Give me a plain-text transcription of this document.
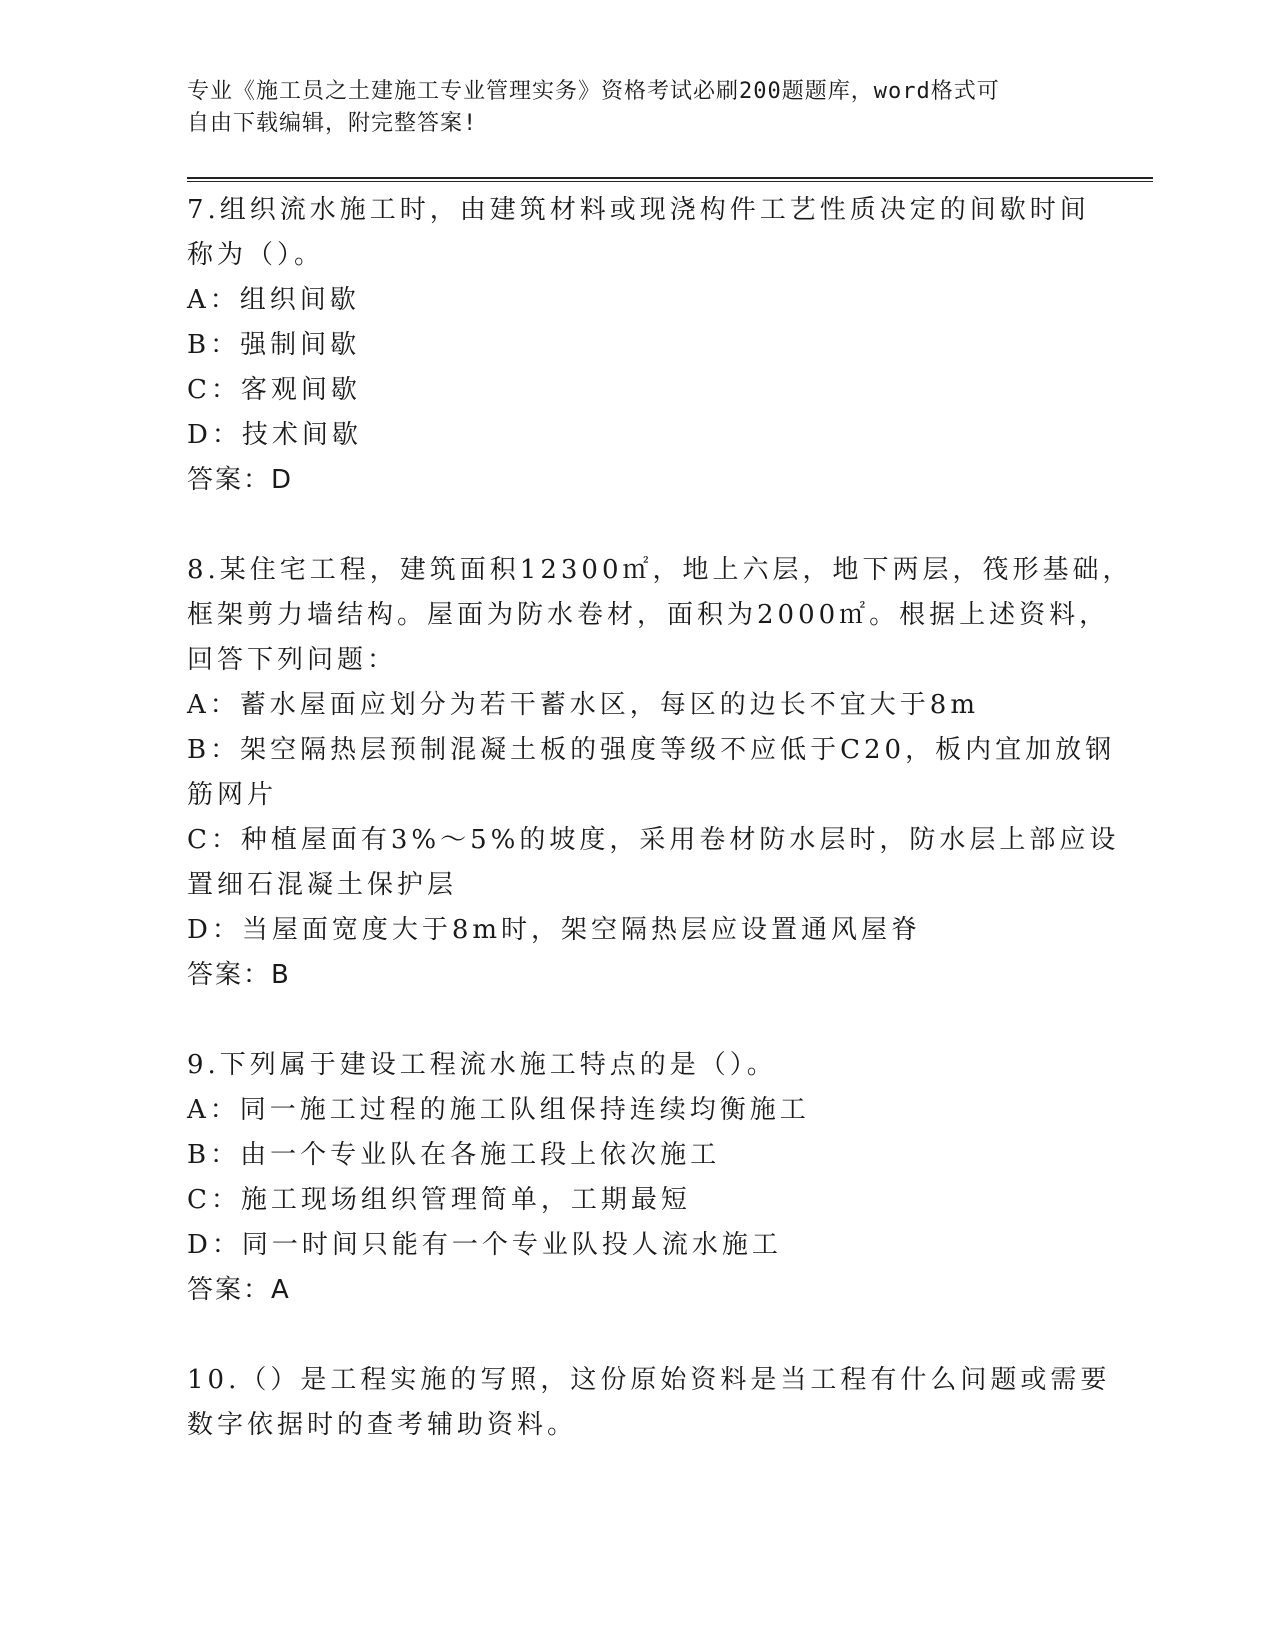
专业《施工员之土建施工专业管理实务》资格考试必刷200题题库，word格式可
自由下载编辑，附完整答案!
7.组织流水施工时，由建筑材料或现浇构件工艺性质决定的间歇时间
称为（）。
A：组织间歇
B：强制间歇
C：客观间歇
D：技术间歇
答案：D
8.某住宅工程，建筑面积12300㎡，地上六层，地下两层，筏形基础，
框架剪力墙结构。屋面为防水卷材，面积为2000㎡。根据上述资料，
回答下列问题：
A：蓄水屋面应划分为若干蓄水区，每区的边长不宜大于8m
B：架空隔热层预制混凝土板的强度等级不应低于C20，板内宜加放钢
筋网片
C：种植屋面有3%～5%的坡度，采用卷材防水层时，防水层上部应设
置细石混凝土保护层
D：当屋面宽度大于8m时，架空隔热层应设置通风屋脊
答案：B
9.下列属于建设工程流水施工特点的是（）。
A：同一施工过程的施工队组保持连续均衡施工
B：由一个专业队在各施工段上依次施工
C：施工现场组织管理简单，工期最短
D：同一时间只能有一个专业队投人流水施工
答案：A
10.（）是工程实施的写照，这份原始资料是当工程有什么问题或需要
数字依据时的查考辅助资料。
